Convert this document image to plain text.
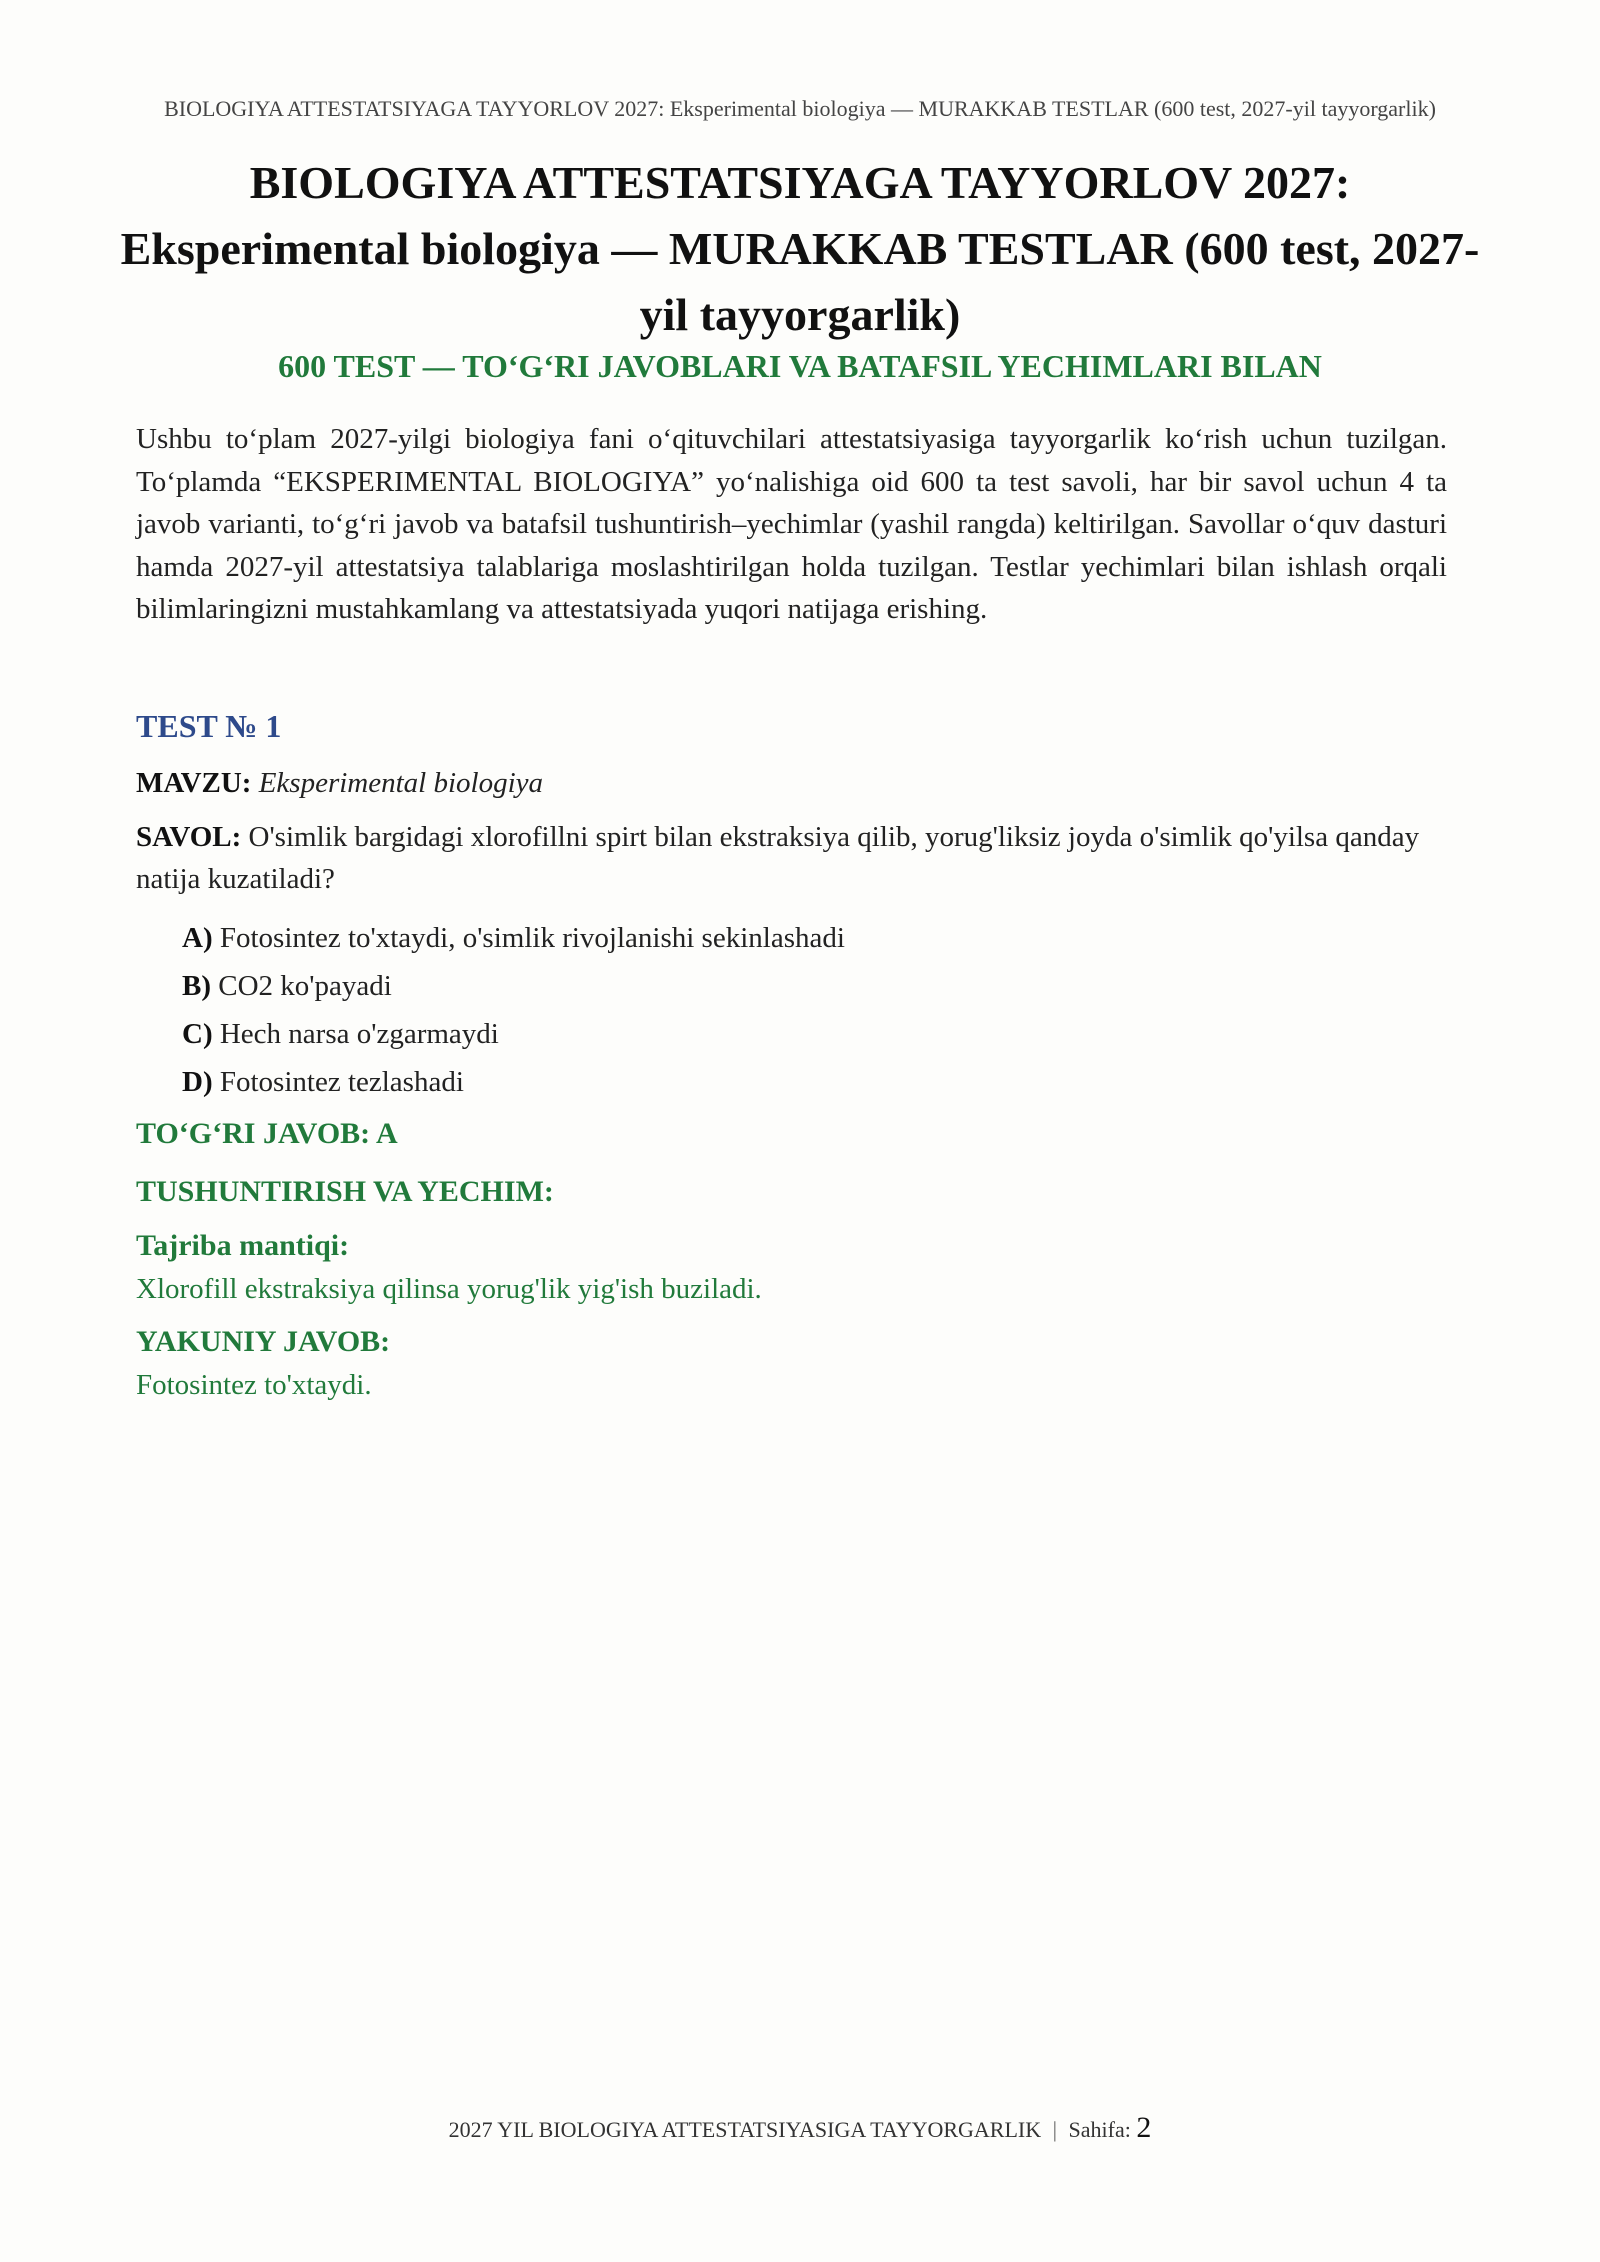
BIOLOGIYA ATTESTATSIYAGA TAYYORLOV 2027: Eksperimental biologiya — MURAKKAB TESTLAR (600 test, 2027-yil tayyorgarlik)
BIOLOGIYA ATTESTATSIYAGA TAYYORLOV 2027: Eksperimental biologiya — MURAKKAB TESTLAR (600 test, 2027-yil tayyorgarlik)
600 TEST — TO‘G‘RI JAVOBLARI VA BATAFSIL YECHIMLARI BILAN

Ushbu to‘plam 2027-yilgi biologiya fani o‘qituvchilari attestatsiyasiga tayyorgarlik ko‘rish uchun tuzilgan. To‘plamda “EKSPERIMENTAL BIOLOGIYA” yo‘nalishiga oid 600 ta test savoli, har bir savol uchun 4 ta javob varianti, to‘g‘ri javob va batafsil tushuntirish–yechimlar (yashil rangda) keltirilgan. Savollar o‘quv dasturi hamda 2027-yil attestatsiya talablariga moslashtirilgan holda tuzilgan. Testlar yechimlari bilan ishlash orqali bilimlaringizni mustahkamlang va attestatsiyada yuqori natijaga erishing.

TEST № 1

MAVZU: Eksperimental biologiya

SAVOL: O'simlik bargidagi xlorofillni spirt bilan ekstraksiya qilib, yorug'liksiz joyda o'simlik qo'yilsa qanday natija kuzatiladi?

A) Fotosintez to'xtaydi, o'simlik rivojlanishi sekinlashadi
B) CO2 ko'payadi
C) Hech narsa o'zgarmaydi
D) Fotosintez tezlashadi

TO‘G‘RI JAVOB: A

TUSHUNTIRISH VA YECHIM:

Tajriba mantiqi:

Xlorofill ekstraksiya qilinsa yorug'lik yig'ish buziladi.

YAKUNIY JAVOB:

Fotosintez to'xtaydi.

2027 YIL BIOLOGIYA ATTESTATSIYASIGA TAYYORGARLIK | Sahifa: 2
